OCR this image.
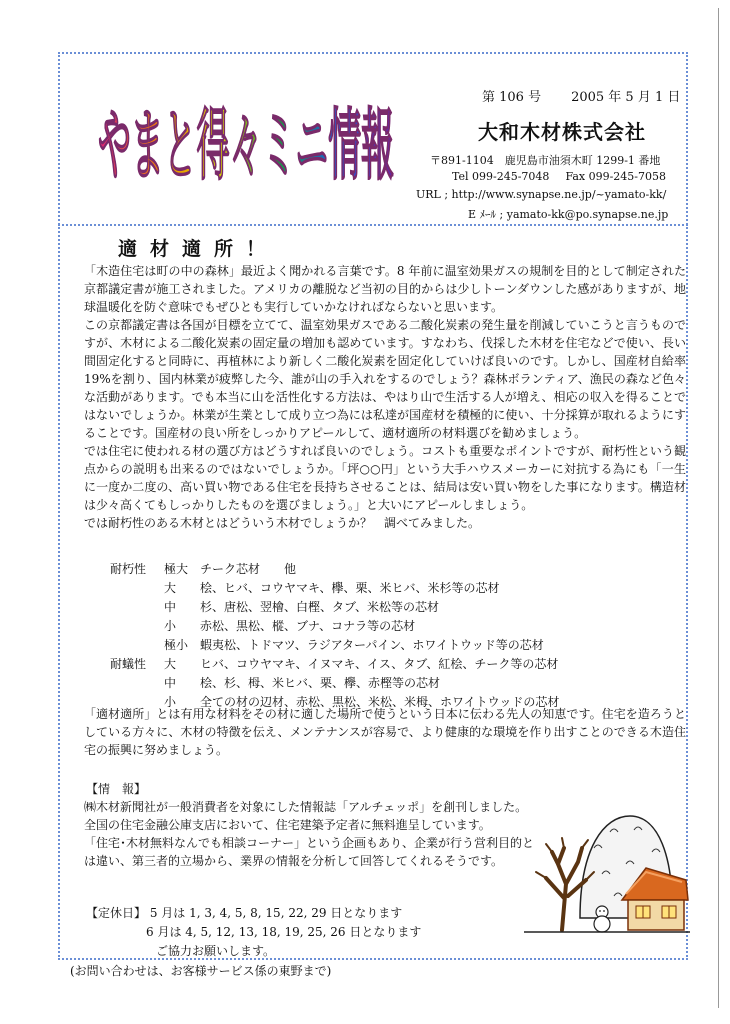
やまと得々ミニ情報
第 106 号 2005 年 5 月 1 日
大和木材株式会社
〒891-1104　鹿児島市油須木町 1299-1 番地
Tel 099-245-7048 Fax 099-245-7058
URL ; http://www.synapse.ne.jp/~yamato-kk/
E ﾒｰﾙ ; yamato-kk@po.synapse.ne.jp
適材適所！

「木造住宅は町の中の森林」最近よく聞かれる言葉です。8 年前に温室効果ガスの規制を目的として制定された京都議定書が施工されました。アメリカの離脱など当初の目的からは少しトーンダウンした感がありますが、地球温暖化を防ぐ意味でもぜひとも実行していかなければならないと思います。

この京都議定書は各国が目標を立てて、温室効果ガスである二酸化炭素の発生量を削減していこうと言うものですが、木材による二酸化炭素の固定量の増加も認めています。すなわち、伐採した木材を住宅などで使い、長い間固定化すると同時に、再植林により新しく二酸化炭素を固定化していけば良いのです。しかし、国産材自給率 19%を割り、国内林業が疲弊した今、誰が山の手入れをするのでしょう？森林ボランティア、漁民の森など色々な活動があります。でも本当に山を活性化する方法は、やはり山で生活する人が増え、相応の収入を得ることではないでしょうか。林業が生業として成り立つ為には私達が国産材を積極的に使い、十分採算が取れるようにすることです。国産材の良い所をしっかりアピールして、適材適所の材料選びを勧めましょう。

では住宅に使われる材の選び方はどうすれば良いのでしょう。コストも重要なポイントですが、耐朽性という観点からの説明も出来るのではないでしょうか。「坪○○円」という大手ハウスメーカーに対抗する為にも「一生に一度か二度の、高い買い物である住宅を長持ちさせることは、結局は安い買い物をした事になります。構造材は少々高くてもしっかりしたものを選びましょう。」と大いにアピールしましょう。

では耐朽性のある木材とはどういう木材でしょうか？　調べてみました。

耐朽性 極大 チーク芯材　　他
大 桧、ヒバ、コウヤマキ、欅、栗、米ヒバ、米杉等の芯材
中 杉、唐松、翌檜、白樫、タブ、米松等の芯材
小 赤松、黒松、樅、ブナ、コナラ等の芯材
極小 蝦夷松、トドマツ、ラジアターパイン、ホワイトウッド等の芯材
耐蟻性 大 ヒバ、コウヤマキ、イヌマキ、イス、タブ、紅桧、チーク等の芯材
中 桧、杉、栂、米ヒバ、栗、欅、赤樫等の芯材
小 全ての材の辺材、赤松、黒松、米松、米栂、ホワイトウッドの芯材

「適材適所」とは有用な材料をその材に適した場所で使うという日本に伝わる先人の知恵です。住宅を造ろうとしている方々に、木材の特徴を伝え、メンテナンスが容易で、より健康的な環境を作り出すことのできる木造住宅の振興に努めましょう。

【情　報】

㈱木材新聞社が一般消費者を対象にした情報誌「アルチェッポ」を創刊しました。

全国の住宅金融公庫支店において、住宅建築予定者に無料進呈しています。

「住宅･木材無料なんでも相談コーナー」という企画もあり、企業が行う営利目的とは違い、第三者的立場から、業界の情報を分析して回答してくれるそうです。

【定休日】 5 月は 1, 3, 4, 5, 8, 15, 22, 29 日となります
6 月は 4, 5, 12, 13, 18, 19, 25, 26 日となります
ご協力お願いします。
(お問い合わせは、お客様サービス係の東野まで)
